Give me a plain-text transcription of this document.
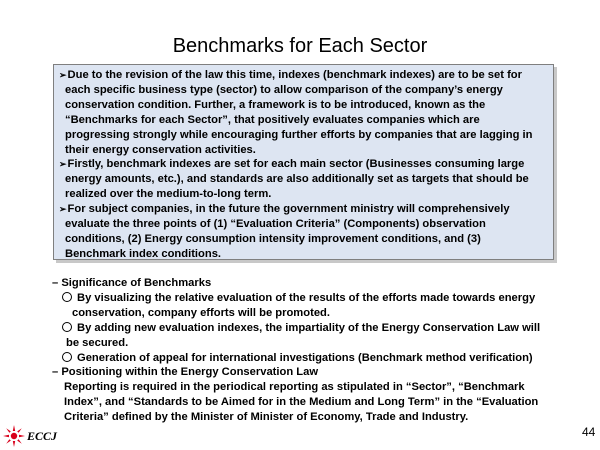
Benchmarks for Each Sector
➢Due to the revision of the law this time, indexes (benchmark indexes) are to be set for
each specific business type (sector) to allow comparison of the company’s energy
conservation condition. Further, a framework is to be introduced, known as the
“Benchmarks for each Sector”, that positively evaluates companies which are
progressing strongly while encouraging further efforts by companies that are lagging in
their energy conservation activities.
➢Firstly, benchmark indexes are set for each main sector (Businesses consuming large
energy amounts, etc.), and standards are also additionally set as targets that should be
realized over the medium-to-long term.
➢For subject companies, in the future the government ministry will comprehensively
evaluate the three points of (1) “Evaluation Criteria” (Components) observation
conditions, (2) Energy consumption intensity improvement conditions, and (3)
Benchmark index conditions.
– Significance of Benchmarks
By visualizing the relative evaluation of the results of the efforts made towards energy
conservation, company efforts will be promoted.
By adding new evaluation indexes, the impartiality of the Energy Conservation Law will
be secured.
Generation of appeal for international investigations (Benchmark method verification)
– Positioning within the Energy Conservation Law
Reporting is required in the periodical reporting as stipulated in “Sector”, “Benchmark
Index”, and “Standards to be Aimed for in the Medium and Long Term” in the “Evaluation
Criteria” defined by the Minister of Minister of Economy, Trade and Industry.
ECCJ	44
